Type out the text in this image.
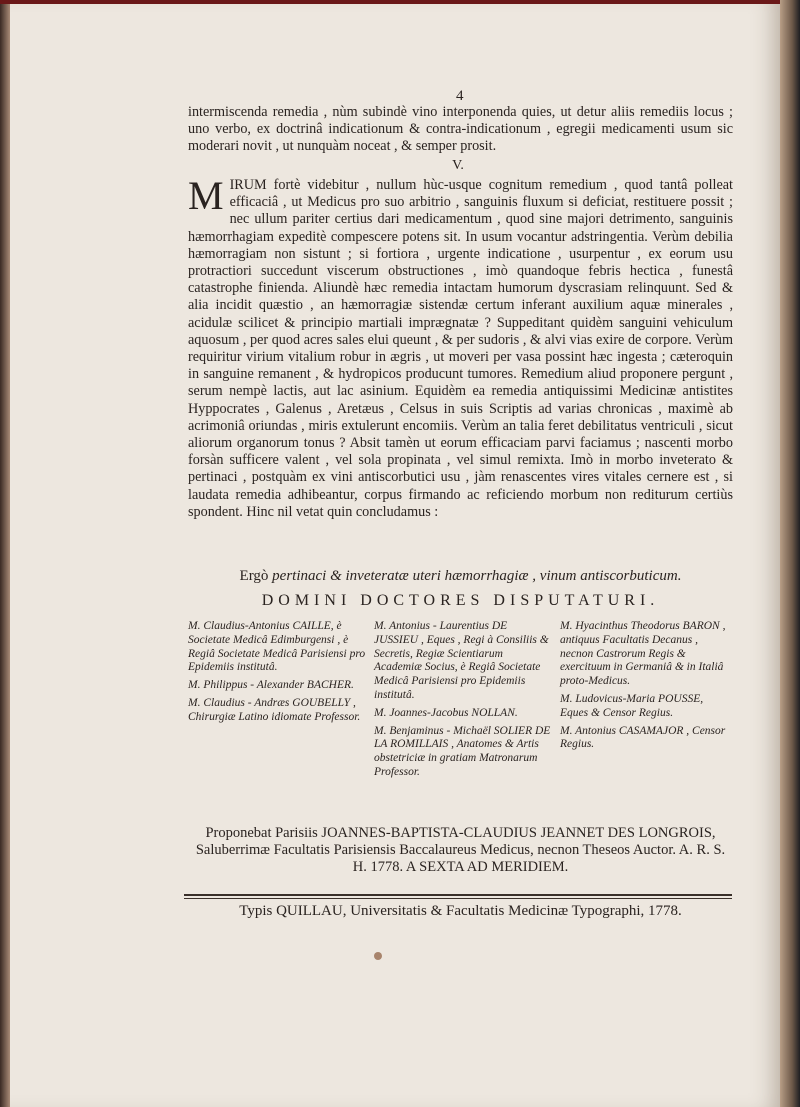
4
intermiscenda remedia , nùm subindè vino interponenda quies, ut detur aliis remediis locus ; uno verbo, ex doctrinâ indicationum & contra-indicationum , egregii medicamenti usum sic moderari novit , ut nunquàm noceat , & semper prosit.
V.
M IRUM fortè videbitur , nullum hùc-usque cognitum remedium , quod tantâ polleat efficaciâ , ut Medicus pro suo arbitrio , sanguinis fluxum si deficiat, restituere possit ; nec ullum pariter certius dari medicamentum , quod sine majori detrimento, sanguinis hæmorrhagiam expeditè compescere potens sit. In usum vocantur adstringentia. Verùm debilia hæmorragiam non sistunt ; si fortiora , urgente indicatione , usurpentur , ex eorum usu protractiori succedunt viscerum obstructiones , imò quandoque febris hectica , funestâ catastrophe finienda. Aliundè hæc remedia intactam humorum dyscrasiam relinquunt. Sed & alia incidit quæstio , an hæmorragiæ sistendæ certum inferant auxilium aquæ minerales , acidulæ scilicet & principio martiali imprægnatæ ? Suppeditant quidèm sanguini vehiculum aquosum , per quod acres sales elui queunt , & per sudoris , & alvi vias exire de corpore. Verùm requiritur virium vitalium robur in ægris , ut moveri per vasa possint hæc ingesta ; cæteroquin in sanguine remanent , & hydropicos producunt tumores. Remedium aliud proponere pergunt , serum nempè lactis, aut lac asinium. Equidèm ea remedia antiquissimi Medicinæ antistites Hyppocrates , Galenus , Aretæus , Celsus in suis Scriptis ad varias chronicas , maximè ab acrimoniâ oriundas , miris extulerunt encomiis. Verùm an talia feret debilitatus ventriculi , sicut aliorum organorum tonus ? Absit tamèn ut eorum efficaciam parvi faciamus ; nascenti morbo forsàn sufficere valent , vel sola propinata , vel simul remixta. Imò in morbo inveterato & pertinaci , postquàm ex vini antiscorbutici usu , jàm renascentes vires vitales cernere est , si laudata remedia adhibeantur, corpus firmando ac reficiendo morbum non rediturum certiùs spondent. Hinc nil vetat quin concludamus :
Ergò pertinaci & inveteratæ uteri hæmorrhagiæ , vinum antiscorbuticum.
DOMINI DOCTORES DISPUTATURI.
M. Claudius-Antonius CAILLE, è Societate Medicâ Edimburgensi , è Regiâ Societate Medicâ Parisiensi pro Epidemiis institutâ.
M. Philippus - Alexander BACHER.
M. Claudius - Andræs GOUBELLY , Chirurgiæ Latino idiomate Professor.
M. Antonius - Laurentius DE JUSSIEU , Eques , Regi à Consiliis & Secretis, Regiæ Scientiarum Academiæ Socius, è Regiâ Societate Medicâ Parisiensi pro Epidemiis institutâ.
M. Joannes-Jacobus NOLLAN.
M. Benjaminus - Michaël SOLIER DE LA ROMILLAIS , Anatomes & Artis obstetriciæ in gratiam Matronarum Professor.
M. Hyacinthus Theodorus BARON , antiquus Facultatis Decanus , necnon Castrorum Regis & exercituum in Germaniâ & in Italiâ proto-Medicus.
M. Ludovicus-Maria POUSSE, Eques & Censor Regius.
M. Antonius CASAMAJOR , Censor Regius.
Proponebat Parisiis JOANNES-BAPTISTA-CLAUDIUS JEANNET DES LONGROIS, Saluberrimæ Facultatis Parisiensis Baccalaureus Medicus, necnon Theseos Auctor. A. R. S. H. 1778. A SEXTA AD MERIDIEM.
Typis QUILLAU, Universitatis & Facultatis Medicinæ Typographi, 1778.
